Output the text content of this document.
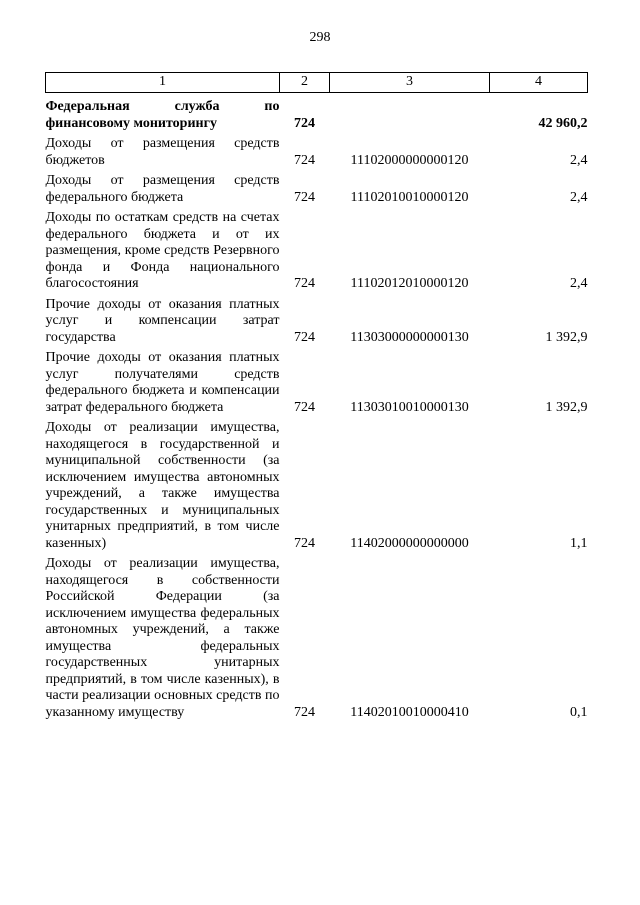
298
1	2	3	4
Федеральная служба по финансовому мониторингу	724		42 960,2
Доходы от размещения средств бюджетов	724	11102000000000120	2,4
Доходы от размещения средств федерального бюджета	724	11102010010000120	2,4
Доходы по остаткам средств на счетах федерального бюджета и от их размещения, кроме средств Резервного фонда и Фонда национального благосостояния	724	11102012010000120	2,4
Прочие доходы от оказания платных услуг и компенсации затрат государства	724	11303000000000130	1 392,9
Прочие доходы от оказания платных услуг получателями средств федерального бюджета и компенсации затрат федерального бюджета	724	11303010010000130	1 392,9
Доходы от реализации имущества, находящегося в государственной и муниципальной собственности (за исключением имущества автономных учреждений, а также имущества государственных и муниципальных унитарных предприятий, в том числе казенных)	724	11402000000000000	1,1
Доходы от реализации имущества, находящегося в собственности Российской Федерации (за исключением имущества федеральных автономных учреждений, а также имущества федеральных государственных унитарных предприятий, в том числе казенных), в части реализации основных средств по указанному имуществу	724	11402010010000410	0,1
